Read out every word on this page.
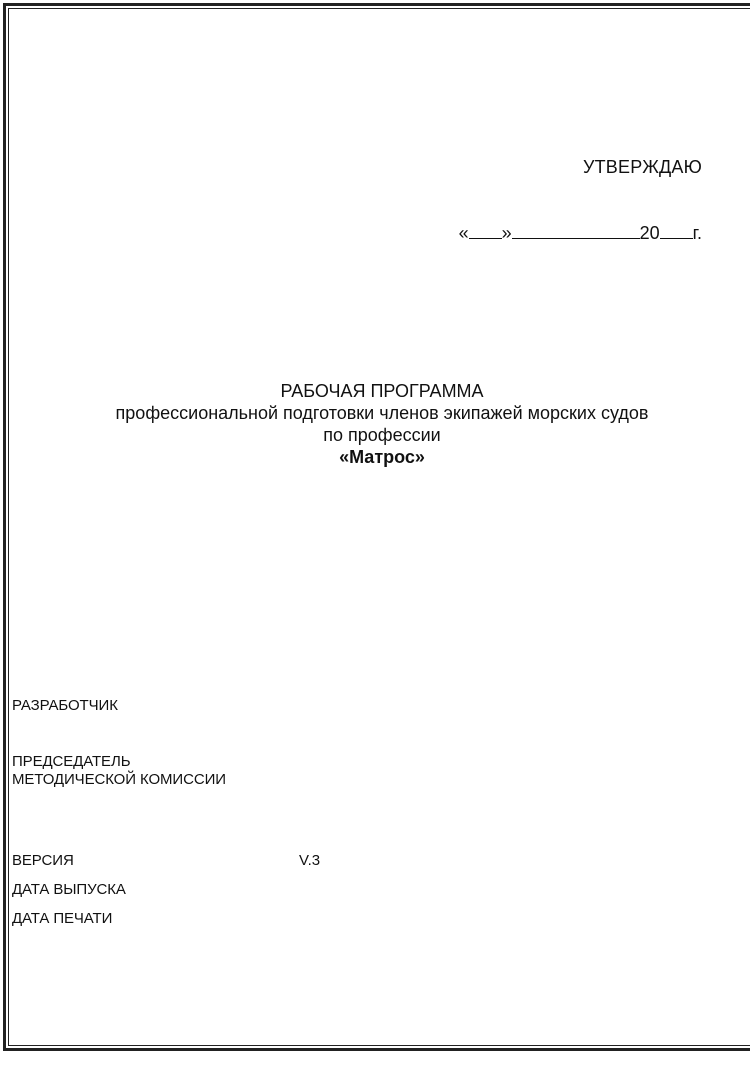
УТВЕРЖДАЮ
« »	20 г.
РАБОЧАЯ ПРОГРАММА
профессиональной подготовки членов экипажей морских судов
по профессии
«Матрос»
РАЗРАБОТЧИК
ПРЕДСЕДАТЕЛЬ
МЕТОДИЧЕСКОЙ КОМИССИИ
ВЕРСИЯ	V.3
ДАТА ВЫПУСКА
ДАТА ПЕЧАТИ
